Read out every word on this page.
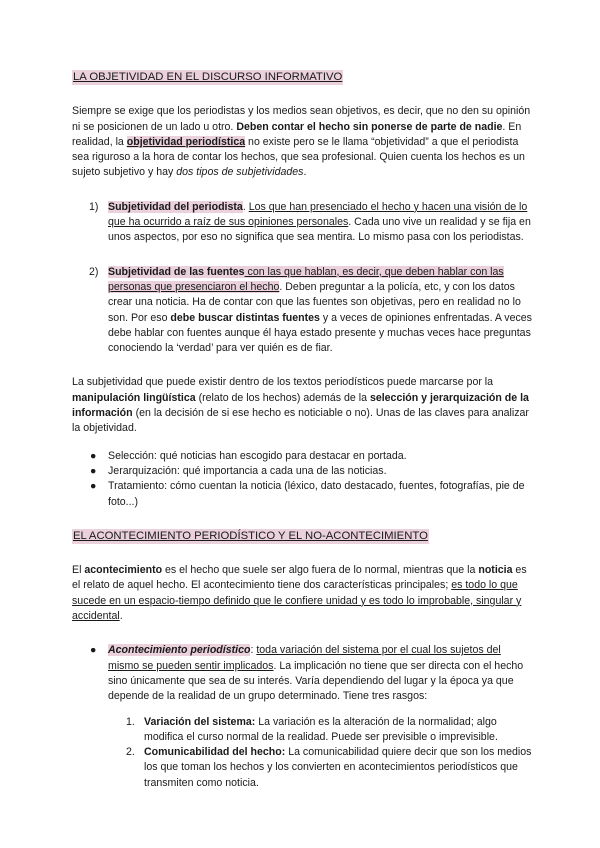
LA OBJETIVIDAD EN EL DISCURSO INFORMATIVO

Siempre se exige que los periodistas y los medios sean objetivos, es decir, que no den su opinión ni se posicionen de un lado u otro. Deben contar el hecho sin ponerse de parte de nadie. En realidad, la objetividad periodística no existe pero se le llama “objetividad” a que el periodista sea riguroso a la hora de contar los hechos, que sea profesional. Quien cuenta los hechos es un sujeto subjetivo y hay dos tipos de subjetividades.

1) Subjetividad del periodista. Los que han presenciado el hecho y hacen una visión de lo que ha ocurrido a raíz de sus opiniones personales. Cada uno vive un realidad y se fija en unos aspectos, por eso no significa que sea mentira. Lo mismo pasa con los periodistas.
2) Subjetividad de las fuentes con las que hablan, es decir, que deben hablar con las personas que presenciaron el hecho. Deben preguntar a la policía, etc, y con los datos crear una noticia. Ha de contar con que las fuentes son objetivas, pero en realidad no lo son. Por eso debe buscar distintas fuentes y a veces de opiniones enfrentadas. A veces debe hablar con fuentes aunque él haya estado presente y muchas veces hace preguntas conociendo la ‘verdad’ para ver quién es de fiar.

La subjetividad que puede existir dentro de los textos periodísticos puede marcarse por la manipulación lingüística (relato de los hechos) además de la selección y jerarquización de la información (en la decisión de si ese hecho es noticiable o no). Unas de las claves para analizar la objetividad.

● Selección: qué noticias han escogido para destacar en portada.
● Jerarquización: qué importancia a cada una de las noticias.
● Tratamiento: cómo cuentan la noticia (léxico, dato destacado, fuentes, fotografías, pie de foto...)
EL ACONTECIMIENTO PERIODÍSTICO Y EL NO-ACONTECIMIENTO

El acontecimiento es el hecho que suele ser algo fuera de lo normal, mientras que la noticia es el relato de aquel hecho. El acontecimiento tiene dos características principales; es todo lo que sucede en un espacio-tiempo definido que le confiere unidad y es todo lo improbable, singular y accidental.

● Acontecimiento periodístico: toda variación del sistema por el cual los sujetos del mismo se pueden sentir implicados. La implicación no tiene que ser directa con el hecho sino únicamente que sea de su interés. Varía dependiendo del lugar y la época ya que depende de la realidad de un grupo determinado. Tiene tres rasgos:
1. Variación del sistema: La variación es la alteración de la normalidad; algo modifica el curso normal de la realidad. Puede ser previsible o imprevisible.
2. Comunicabilidad del hecho: La comunicabilidad quiere decir que son los medios los que toman los hechos y los convierten en acontecimientos periodísticos que transmiten como noticia.
